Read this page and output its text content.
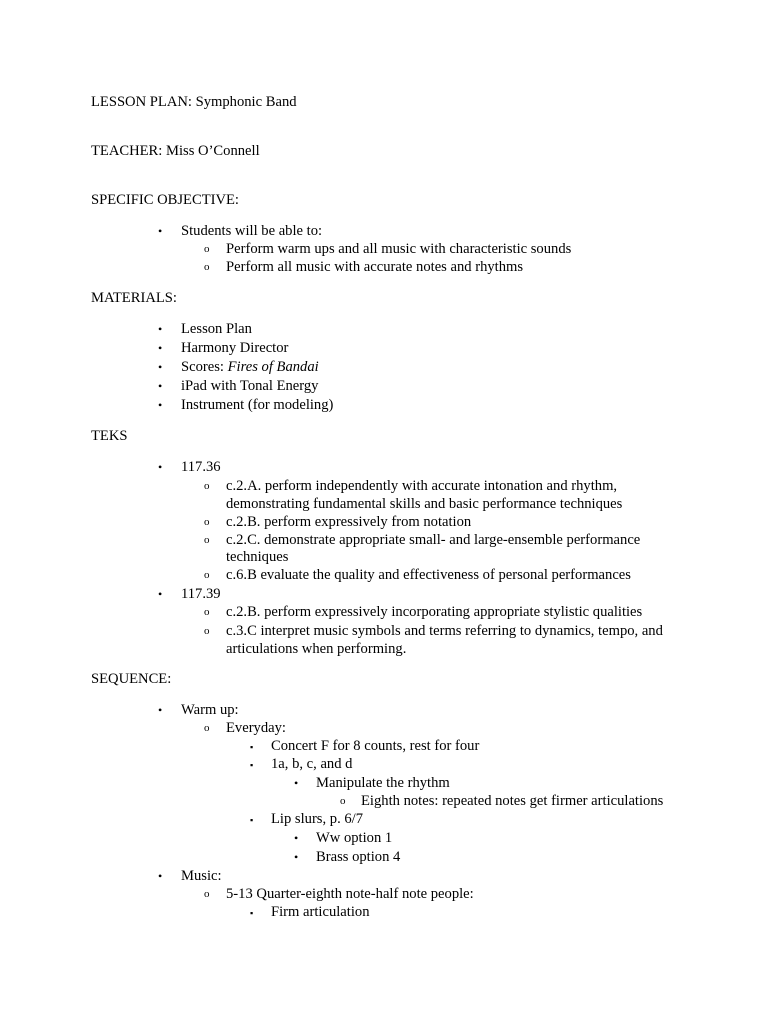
LESSON PLAN: Symphonic Band
TEACHER: Miss O’Connell
SPECIFIC OBJECTIVE:
• Students will be able to:
o Perform warm ups and all music with characteristic sounds
o Perform all music with accurate notes and rhythms
MATERIALS:
• Lesson Plan
• Harmony Director
• Scores: Fires of Bandai
• iPad with Tonal Energy
• Instrument (for modeling)
TEKS
• 117.36
o c.2.A. perform independently with accurate intonation and rhythm,
demonstrating fundamental skills and basic performance techniques
o c.2.B. perform expressively from notation
o c.2.C. demonstrate appropriate small- and large-ensemble performance
techniques
o c.6.B evaluate the quality and effectiveness of personal performances
• 117.39
o c.2.B. perform expressively incorporating appropriate stylistic qualities
o c.3.C interpret music symbols and terms referring to dynamics, tempo, and
articulations when performing.
SEQUENCE:
• Warm up:
o Everyday:
▪ Concert F for 8 counts, rest for four
▪ 1a, b, c, and d
• Manipulate the rhythm
o Eighth notes: repeated notes get firmer articulations
▪ Lip slurs, p. 6/7
• Ww option 1
• Brass option 4
• Music:
o 5-13 Quarter-eighth note-half note people:
▪ Firm articulation
